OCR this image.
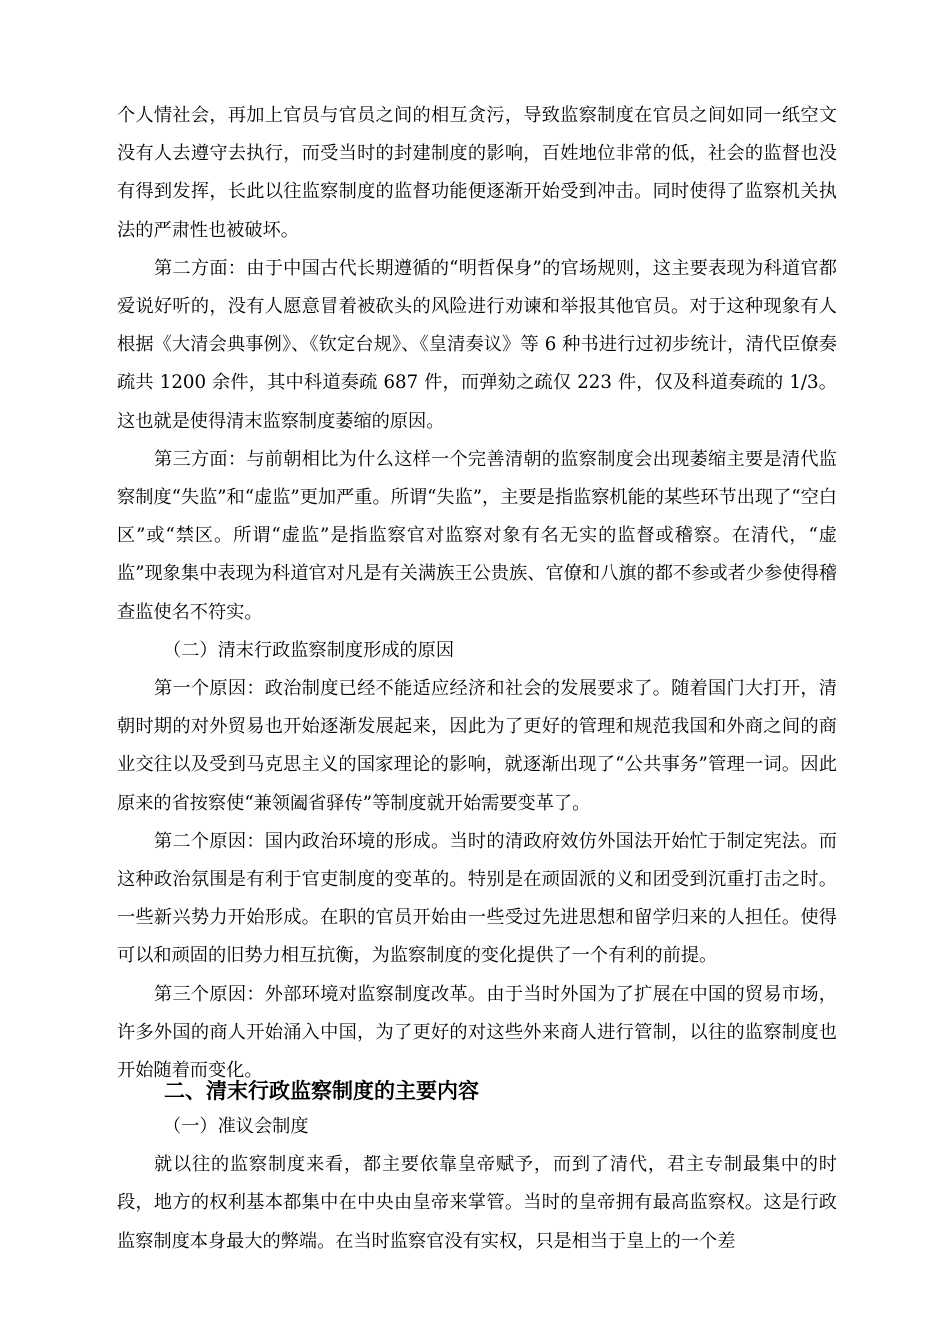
个人情社会，再加上官员与官员之间的相互贪污，导致监察制度在官员之间如同一纸空文没有人去遵守去执行，而受当时的封建制度的影响，百姓地位非常的低，社会的监督也没有得到发挥，长此以往监察制度的监督功能便逐渐开始受到冲击。同时使得了监察机关执法的严肃性也被破坏。

第二方面：由于中国古代长期遵循的“明哲保身”的官场规则，这主要表现为科道官都爱说好听的，没有人愿意冒着被砍头的风险进行劝谏和举报其他官员。对于这种现象有人根据《大清会典事例》、《钦定台规》、《皇清奏议》等 6 种书进行过初步统计，清代臣僚奏疏共 1200 余件，其中科道奏疏 687 件，而弹劾之疏仅 223 件，仅及科道奏疏的 1/3。这也就是使得清末监察制度萎缩的原因。

第三方面：与前朝相比为什么这样一个完善清朝的监察制度会出现萎缩主要是清代监察制度“失监”和“虚监”更加严重。所谓“失监”，主要是指监察机能的某些环节出现了“空白区”或“禁区。所谓“虚监”是指监察官对监察对象有名无实的监督或稽察。在清代，“虚监”现象集中表现为科道官对凡是有关满族王公贵族、官僚和八旗的都不参或者少参使得稽查监使名不符实。

（二）清末行政监察制度形成的原因

第一个原因：政治制度已经不能适应经济和社会的发展要求了。随着国门大打开，清朝时期的对外贸易也开始逐渐发展起来，因此为了更好的管理和规范我国和外商之间的商业交往以及受到马克思主义的国家理论的影响，就逐渐出现了“公共事务”管理一词。因此原来的省按察使“兼领阖省驿传”等制度就开始需要变革了。

第二个原因：国内政治环境的形成。当时的清政府效仿外国法开始忙于制定宪法。而这种政治氛围是有利于官吏制度的变革的。特别是在顽固派的义和团受到沉重打击之时。一些新兴势力开始形成。在职的官员开始由一些受过先进思想和留学归来的人担任。使得可以和顽固的旧势力相互抗衡，为监察制度的变化提供了一个有利的前提。

第三个原因：外部环境对监察制度改革。由于当时外国为了扩展在中国的贸易市场，许多外国的商人开始涌入中国，为了更好的对这些外来商人进行管制，以往的监察制度也开始随着而变化。

二、清末行政监察制度的主要内容

（一）准议会制度

就以往的监察制度来看，都主要依靠皇帝赋予，而到了清代，君主专制最集中的时段，地方的权利基本都集中在中央由皇帝来掌管。当时的皇帝拥有最高监察权。这是行政监察制度本身最大的弊端。在当时监察官没有实权，只是相当于皇上的一个差
